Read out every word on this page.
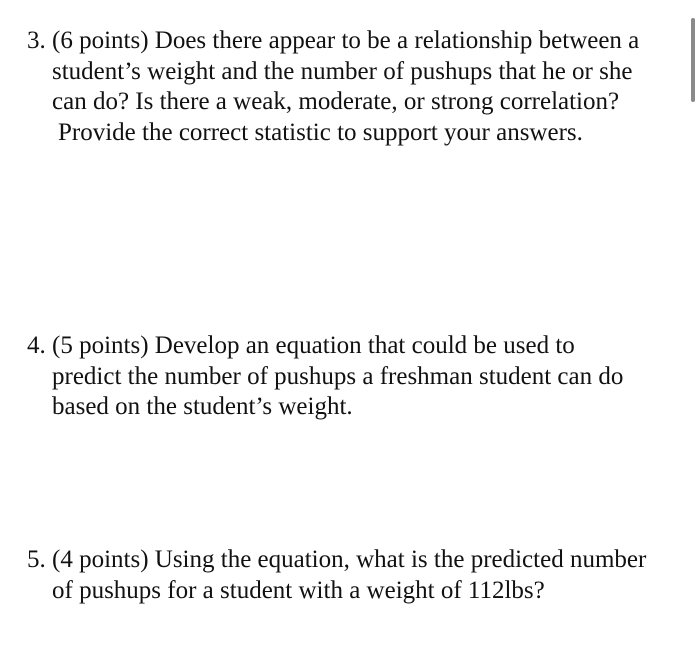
3. (6 points) Does there appear to be a relationship between a
student’s weight and the number of pushups that he or she
can do? Is there a weak, moderate, or strong correlation?
Provide the correct statistic to support your answers.
4. (5 points) Develop an equation that could be used to
predict the number of pushups a freshman student can do
based on the student’s weight.
5. (4 points) Using the equation, what is the predicted number
of pushups for a student with a weight of 112lbs?
